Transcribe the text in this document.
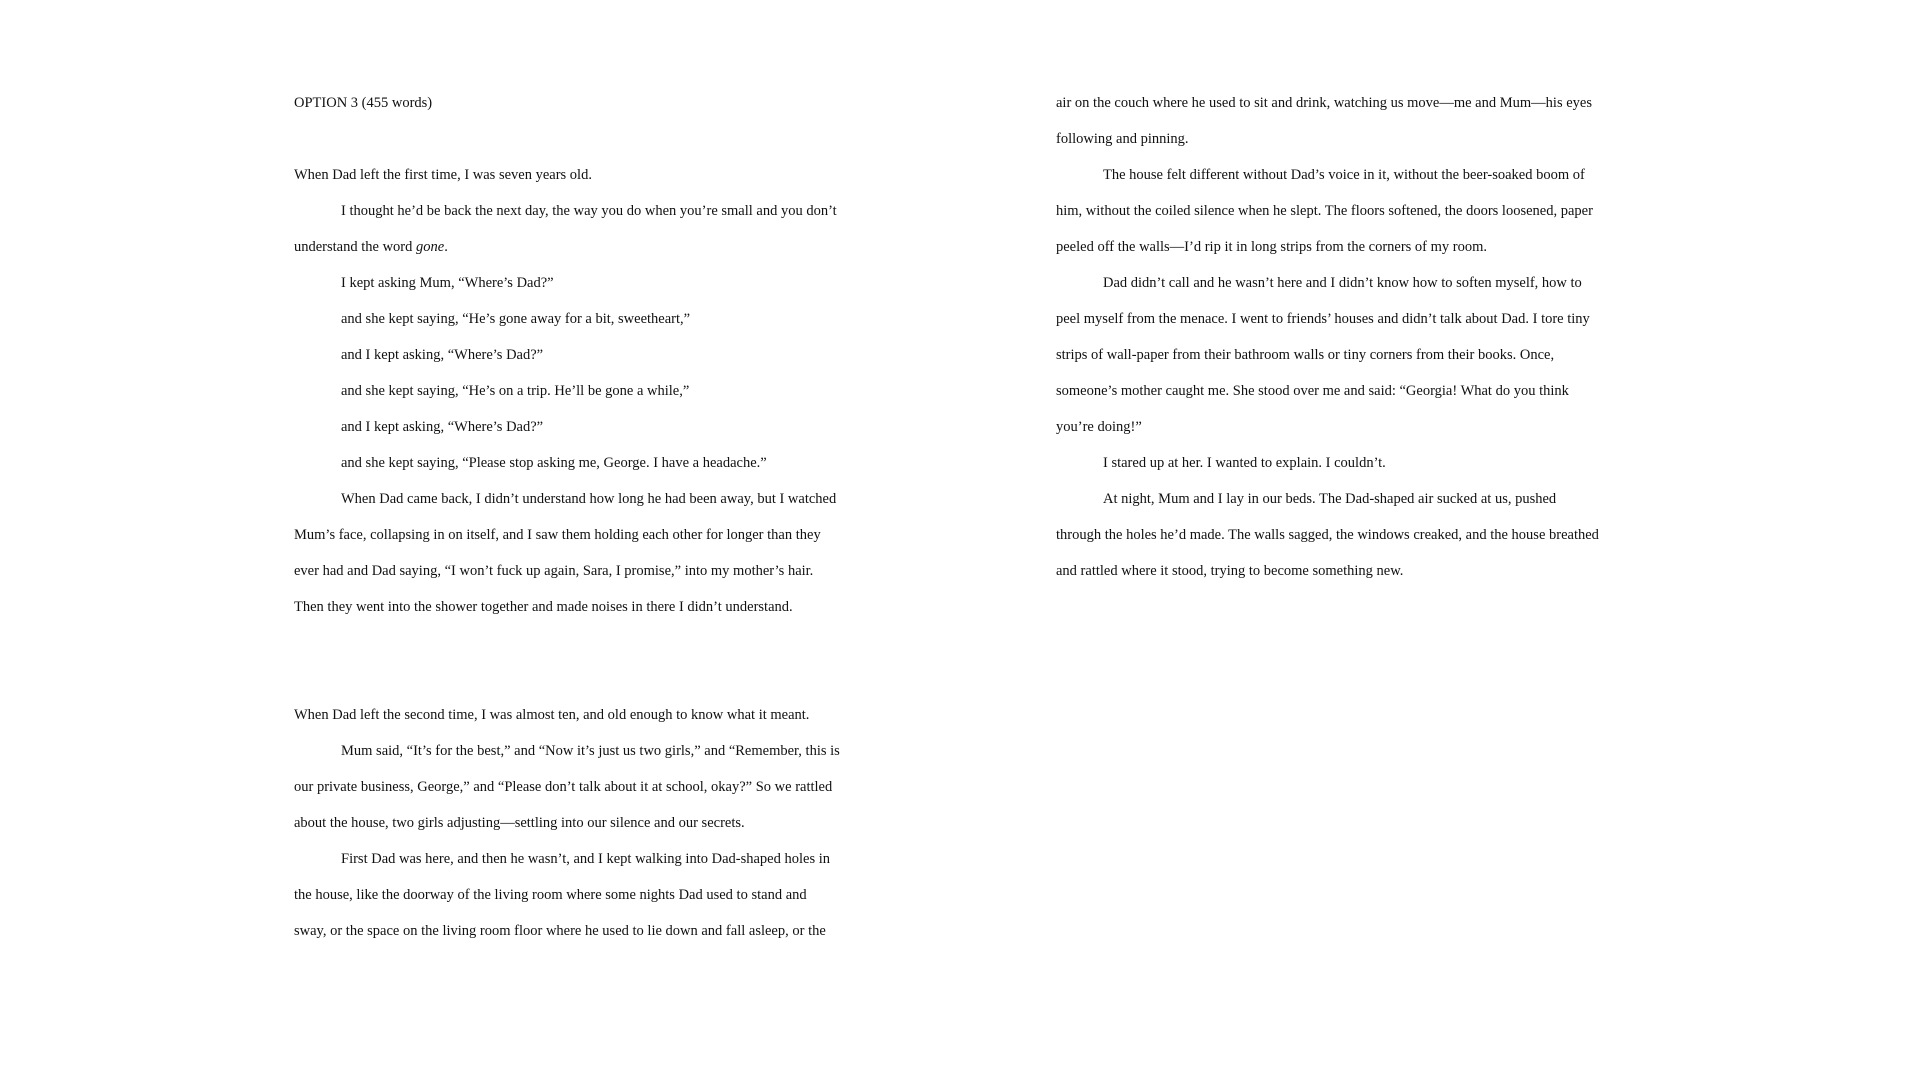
OPTION 3 (455 words)
When Dad left the first time, I was seven years old.
I thought he’d be back the next day, the way you do when you’re small and you don’t
understand the word gone.
I kept asking Mum, “Where’s Dad?”
and she kept saying, “He’s gone away for a bit, sweetheart,”
and I kept asking, “Where’s Dad?”
and she kept saying, “He’s on a trip. He’ll be gone a while,”
and I kept asking, “Where’s Dad?”
and she kept saying, “Please stop asking me, George. I have a headache.”
When Dad came back, I didn’t understand how long he had been away, but I watched
Mum’s face, collapsing in on itself, and I saw them holding each other for longer than they
ever had and Dad saying, “I won’t fuck up again, Sara, I promise,” into my mother’s hair.
Then they went into the shower together and made noises in there I didn’t understand.
When Dad left the second time, I was almost ten, and old enough to know what it meant.
Mum said, “It’s for the best,” and “Now it’s just us two girls,” and “Remember, this is
our private business, George,” and “Please don’t talk about it at school, okay?” So we rattled
about the house, two girls adjusting—settling into our silence and our secrets.
First Dad was here, and then he wasn’t, and I kept walking into Dad-shaped holes in
the house, like the doorway of the living room where some nights Dad used to stand and
sway, or the space on the living room floor where he used to lie down and fall asleep, or the
air on the couch where he used to sit and drink, watching us move—me and Mum—his eyes
following and pinning.
The house felt different without Dad’s voice in it, without the beer-soaked boom of
him, without the coiled silence when he slept. The floors softened, the doors loosened, paper
peeled off the walls—I’d rip it in long strips from the corners of my room.
Dad didn’t call and he wasn’t here and I didn’t know how to soften myself, how to
peel myself from the menace. I went to friends’ houses and didn’t talk about Dad. I tore tiny
strips of wall-paper from their bathroom walls or tiny corners from their books. Once,
someone’s mother caught me. She stood over me and said: “Georgia! What do you think
you’re doing!”
I stared up at her. I wanted to explain. I couldn’t.
At night, Mum and I lay in our beds. The Dad-shaped air sucked at us, pushed
through the holes he’d made. The walls sagged, the windows creaked, and the house breathed
and rattled where it stood, trying to become something new.
